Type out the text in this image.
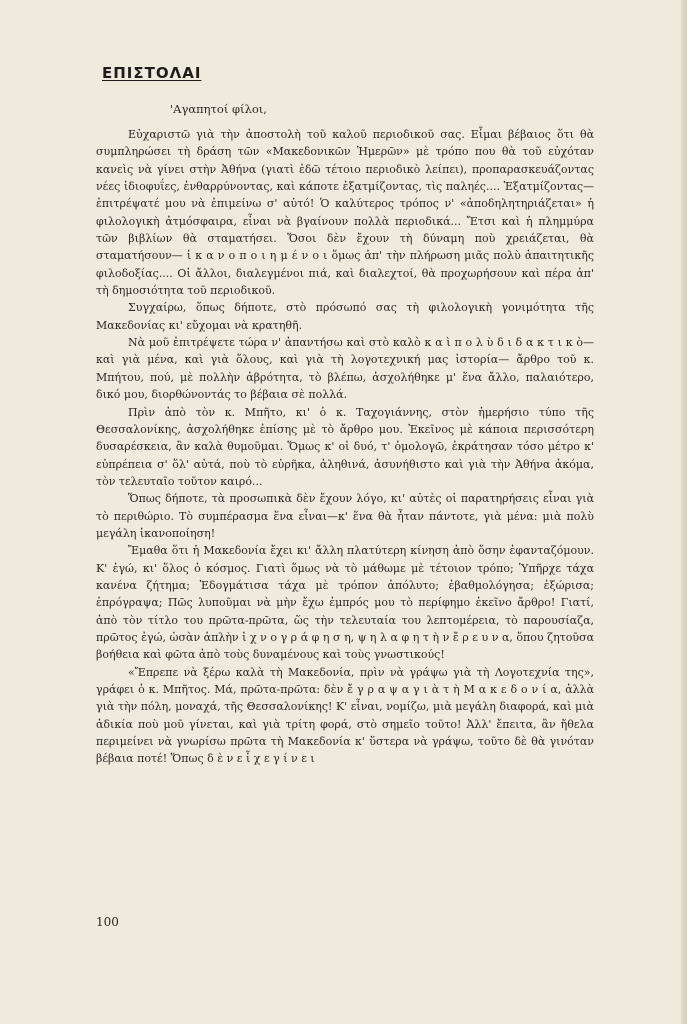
ΕΠΙΣΤΟΛΑΙ
'Αγαπητοί φίλοι,

Εὐχαριστῶ γιὰ τὴν ἀποστολὴ τοῦ καλοῦ περιοδικοῦ σας. Εἶμαι βέβαιος ὅτι θὰ συμπληρώσει τὴ δράση τῶν «Μακεδονικῶν Ἡμερῶν» μὲ τρόπο που θὰ τοῦ εὐχόταν κανεὶς νὰ γίνει στὴν Ἀθήνα (γιατὶ ἐδῶ τέτοιο περιοδικὸ λείπει), προπαρασκευάζοντας νέες ἰδιοφυΐες, ἐνθαρρύνοντας, καὶ κάποτε ἐξατμίζοντας, τὶς παληές.... Ἐξατμίζοντας—ἐπιτρέψατέ μου νὰ ἐπιμείνω σ' αὐτό! Ὁ καλύτερος τρόπος ν' «ἀποδηλητηριάζεται» ἡ φιλολογικὴ ἀτμόσφαιρα, εἶναι νὰ βγαίνουν πολλὰ περιοδικά... Ἔτσι καὶ ἡ πλημμύρα τῶν βιβλίων θὰ σταματήσει. Ὅσοι δὲν ἔχουν τὴ δύναμη ποὺ χρειάζεται, θὰ σταματήσουν— ἱ κ α ν ο π ο ι η μ έ ν ο ι ὅμως ἀπ' τὴν πλήρωση μιᾶς πολὺ ἀπαιτητικῆς φιλοδοξίας.... Οἱ ἄλλοι, διαλεγμένοι πιά, καὶ διαλεχτοί, θὰ προχωρήσουν καὶ πέρα ἀπ' τὴ δημοσιότητα τοῦ περιοδικοῦ.

Συγχαίρω, ὅπως δήποτε, στὸ πρόσωπό σας τὴ φιλολογικὴ γονιμότητα τῆς Μακεδονίας κι' εὔχομαι νὰ κρατηθῆ.

Νὰ μοῦ ἐπιτρέψετε τώρα ν' ἀπαντήσω καὶ στὸ καλὸ κ α ὶ π ο λ ὺ δ ι δ α κ τ ι κ ὸ— καὶ γιὰ μένα, καὶ γιὰ ὅλους, καὶ γιὰ τὴ λογοτεχνική μας ἱστορία— ἄρθρο τοῦ κ. Μπήτου, πού, μὲ πολλὴν ἁβρότητα, τὸ βλέπω, ἀσχολήθηκε μ' ἕνα ἄλλο, παλαιότερο, δικό μου, διορθώνοντάς το βέβαια σὲ πολλά.

Πρὶν ἀπὸ τὸν κ. Μπῆτο, κι' ὁ κ. Ταχογιάννης, στὸν ἡμερήσιο τύπο τῆς Θεσσαλονίκης, ἀσχολήθηκε ἐπίσης μὲ τὸ ἄρθρο μου. Ἐκεῖνος μὲ κάποια περισσότερη δυσαρέσκεια, ἂν καλὰ θυμοῦμαι. Ὅμως κ' οἱ δυό, τ' ὁμολογῶ, ἐκράτησαν τόσο μέτρο κ' εὐπρέπεια σ' ὅλ' αὐτά, ποὺ τὸ εὑρῆκα, ἀληθινά, ἀσυνήθιστο καὶ γιὰ τὴν Ἀθήνα ἀκόμα, τὸν τελευταῖο τοῦτον καιρό...

Ὅπως δήποτε, τὰ προσωπικὰ δὲν ἔχουν λόγο, κι' αὐτὲς οἱ παρατηρήσεις εἶναι γιὰ τὸ περιθώριο. Τὸ συμπέρασμα ἕνα εἶναι—κ' ἕνα θὰ ἦταν πάντοτε, γιὰ μένα: μιὰ πολὺ μεγάλη ἱκανοποίηση!

Ἔμαθα ὅτι ἡ Μακεδονία ἔχει κι' ἄλλη πλατύτερη κίνηση ἀπὸ ὅσην ἐφανταζόμουν. Κ' ἐγώ, κι' ὅλος ὁ κόσμος. Γιατὶ ὅμως νὰ τὸ μάθωμε μὲ τέτοιον τρόπο; Ὑπῆρχε τάχα κανένα ζήτημα; Ἐδογμάτισα τάχα μὲ τρόπον ἀπόλυτο; ἐβαθμολόγησα; ἐξώρισα; ἐπρόγραψα; Πῶς λυποῦμαι νὰ μὴν ἔχω ἐμπρός μου τὸ περίφημο ἐκεῖνο ἄρθρο! Γιατί, ἀπὸ τὸν τίτλο του πρῶτα-πρῶτα, ὥς τὴν τελευταία του λεπτομέρεια, τὸ παρουσίαζα, πρῶτος ἐγώ, ὡσὰν ἁπλὴν ἰ χ ν ο γ ρ ά φ η σ η, ψ η λ α φ η τ ὴ ν ἔ ρ ε υ ν α, ὅπου ζητοῦσα βοήθεια καὶ φῶτα ἀπὸ τοὺς δυναμένους καὶ τοὺς γνωστικούς!

«Ἔπρεπε νὰ ξέρω καλὰ τὴ Μακεδονία, πρὶν νὰ γράψω γιὰ τὴ Λογοτεχνία της», γράφει ὁ κ. Μπῆτος. Μά, πρῶτα-πρῶτα: δὲν ἔ γ ρ α ψ α γ ι ὰ τ ὴ Μ α κ ε δ ο ν ί α, ἀλλὰ γιὰ τὴν πόλη, μοναχά, τῆς Θεσσαλονίκης! Κ' εἶναι, νομίζω, μιὰ μεγάλη διαφορά, καὶ μιὰ ἀδικία ποὺ μοῦ γίνεται, καὶ γιὰ τρίτη φορά, στὸ σημεῖο τοῦτο! Ἀλλ' ἔπειτα, ἂν ἤθελα περιμείνει νὰ γνωρίσω πρῶτα τὴ Μακεδονία κ' ὕστερα νὰ γράψω, τοῦτο δὲ θὰ γινόταν βέβαια ποτέ! Ὅπως δ ὲ ν ε ἶ χ ε γ ί ν ε ι

100
